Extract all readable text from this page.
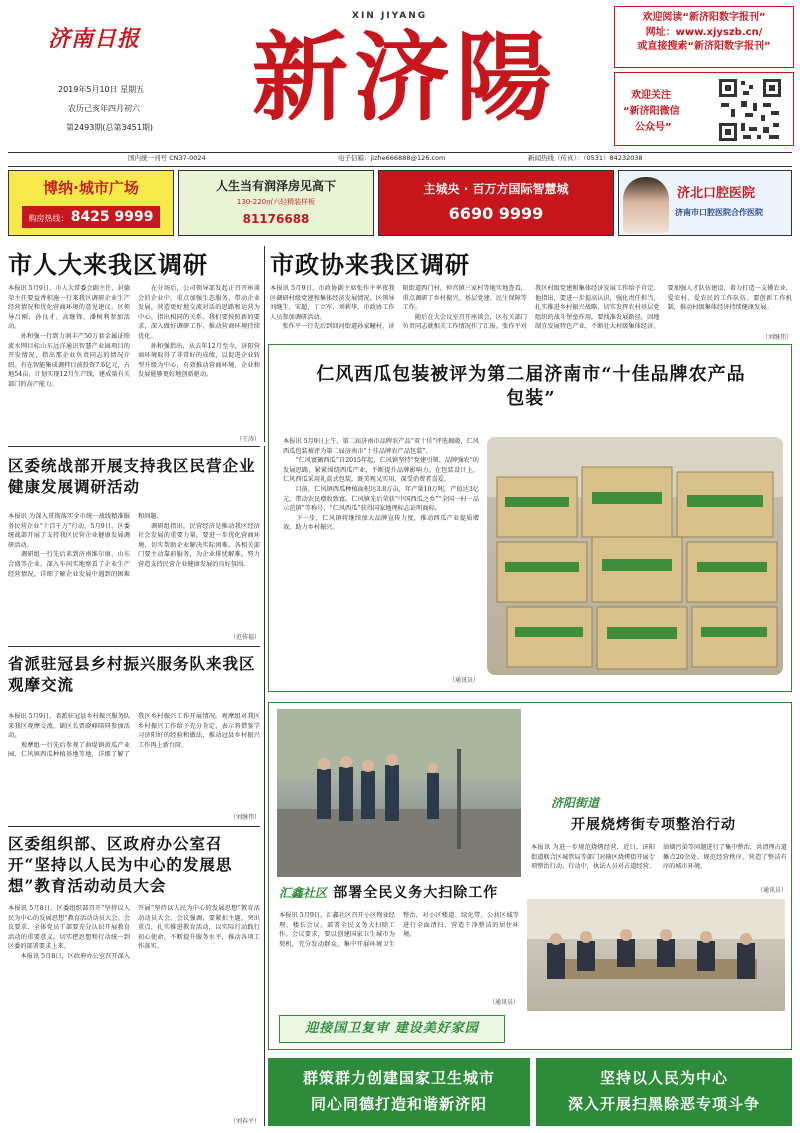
济南日报
2019年5月10日 星期五
农历己亥年四月初六
第2493期(总第3451期)
XIN JIYANG
新济陽
欢迎阅读“新济阳数字报刊”
网址：www.xjyszb.cn/
或直接搜索“新济阳数字报刊”
欢迎关注
“新济阳微信
公众号”
国内统一刊号 CN37-0024	电子信箱：jizhe666888@126.com	新闻热线（传真）：（0531）84232038
博纳·城市广场
购房热线： 8425 9999
人生当有润泽房见高下
130-220㎡六轻精装样板
81176688
主城央 · 百万方国际智慧城
6690 9999
济北口腔医院
济南市口腔医院合作医院
市人大来我区调研
本报讯 5月9日，市人大常委会副主任、封德荣主任要益香积施一行来我区调研企业生产经营情况和优化营商环境的意见建议。区领导吕刚、孙良才、高继锋、潘树利参加活动。
　　孙和强一行到力润丰产50万套金属证照流水网目标山东远洋通讯智慧产业园项目的开发情况，指出那企业负责同志的情况介绍。有在智能集成调拌目前投资7.6亿元，占地54亩，计划实现12月生产线，建成量有关部门的高产能力。
　　在分场后，公司领导部发起正召开座谈会的企业中，重点加强生态服务，带动企业发展，营造更好地交流对话的思路和运营为中心，指出相同的关系。我们要按照新的要求，深入做好调研工作，推动营商环境持续优化。
　　孙和强指出，从去年12月至今，济阳营商环境取得了非常好的成绩，以促进企业转型升级为中心，有效推动营商环境，企业和发展能够更好地创新驱动。
（王涛）
市政协来我区调研
本报讯 5月9日，市政协副主席张作平率夜我区调研村级党建和集体经济发展情况。区领导刘继生、宋超、丁立军、刘莉华，市政协工作人员参加调研活动。
　　张作平一行先后到回河街道孙家疃村、济阳街道西门村，仲宫镇三家村等地实地查看，重点调研了乡村振兴、基层党建、民生保障等工作。
　　随后在大会议室召开座谈会，区有关部门负责同志就相关工作情况作了汇报。张作平对我区村级党建和集体经济发展工作给予肯定。他指出，要进一步提高认识，强化责任担当，扎实推进乡村振兴战略，切实发挥农村基层党组织的战斗堡垒作用。要找准发展路径，因地制宜发展特色产业，不断壮大村级集体经济。要加强人才队伍建设，着力打造一支懂农业、爱农村、爱农民的工作队伍。要创新工作机制，推动村级集体经济持续健康发展。
（刘继伟）
区委统战部开展支持我区民营企业健康发展调研活动
本报讯 为深入贯彻落实全市统一战线精准服务民营企业“十百千万”行动，5月9日，区委统战部开展了支持我区民营企业健康发展调研活动。
　　调研组一行先后来到济南维尔康、山东合盛等企业，深入车间实地察看了企业生产经营情况，详细了解企业发展中遇到的困难和问题。
　　调研组指出，民营经济是推动我区经济社会发展的重要力量，要进一步优化营商环境，切实帮助企业解决实际困难。各相关部门要主动靠前服务，为企业排忧解难，努力营造支持民营企业健康发展的良好氛围。
（范传福）
省派驻冠县乡村振兴服务队来我区观摩交流
本报讯 5月9日，省派驻冠县乡村振兴服务队来我区观摩交流。副区长贾晓峰陪同参加活动。
　　观摩组一行先后参观了曲堤镇黄瓜产业园、仁风镇西瓜种植基地等地，详细了解了我区乡村振兴工作开展情况。观摩组对我区乡村振兴工作给予充分肯定，表示将借鉴学习济阳好的经验和做法，推动冠县乡村振兴工作再上新台阶。
（刘继伟）
区委组织部、区政府办公室召开“坚持以人民为中心的发展思想”教育活动动员大会
本报讯 5月8日，区委组织部召开“坚持以人民为中心的发展思想”教育活动动员大会。会议要求，全体党员干部要充分认识开展教育活动的重要意义，切实把思想和行动统一到区委的部署要求上来。
　　本报讯 5月8日，区政府办公室召开深入开展“坚持以人民为中心的发展思想”教育活动动员大会。会议强调，要紧扣主题，突出重点，扎实推进教育活动，以实际行动践行初心使命，不断提升服务水平，推动各项工作落实。
（刘春平）
仁风西瓜包装被评为第二届济南市“十佳品牌农产品包装”
本报讯 5月9日上午，第二届济南市品牌农产品“双十佳”评选揭晓，仁风西瓜包装被评为第二届济南市“十佳品牌农产品包装”。
　　“仁风富硒西瓜”自2015年起，仁风镇坚持“党建引领、品牌强农”的发展思路，紧紧围绕西瓜产业，不断提升品牌影响力。在包装设计上，仁风西瓜采用礼盒式包装，既美观又实用，深受消费者喜爱。
　　目前，仁风镇西瓜种植面积达3.8万亩，年产量10万吨，产值达3亿元，带动农民增收致富。仁风镇先后荣获“中国西瓜之乡”“全国一村一品示范镇”等称号，“仁风西瓜”获得国家地理标志证明商标。
　　下一步，仁风镇将继续加大品牌宣传力度，推动西瓜产业提质增效，助力乡村振兴。
（通讯员）
济阳街道
开展烧烤街专项整治行动
本报讯 为进一步规范烧烤经营，近日，济阳街道联合区城管局等部门对辖区烧烤街开展专项整治行动。行动中，执法人员对占道经营、油烟污染等问题进行了集中整治，共清理占道摊点20余处，规范经营秩序，营造了整洁有序的城市环境。
（通讯员）
汇鑫社区 部署全民义务大扫除工作
本报讯 5月9日，汇鑫社区召开小区物业经理、楼长会议，部署全民义务大扫除工作。会议要求，要以创建国家卫生城市为契机，充分发动群众，集中开展环境卫生整治，对小区楼道、绿化带、公共区域等进行全面清扫，营造干净整洁的居住环境。
（通讯员）
迎接国卫复审 建设美好家园
群策群力创建国家卫生城市
同心同德打造和谐新济阳
坚持以人民为中心
深入开展扫黑除恶专项斗争
